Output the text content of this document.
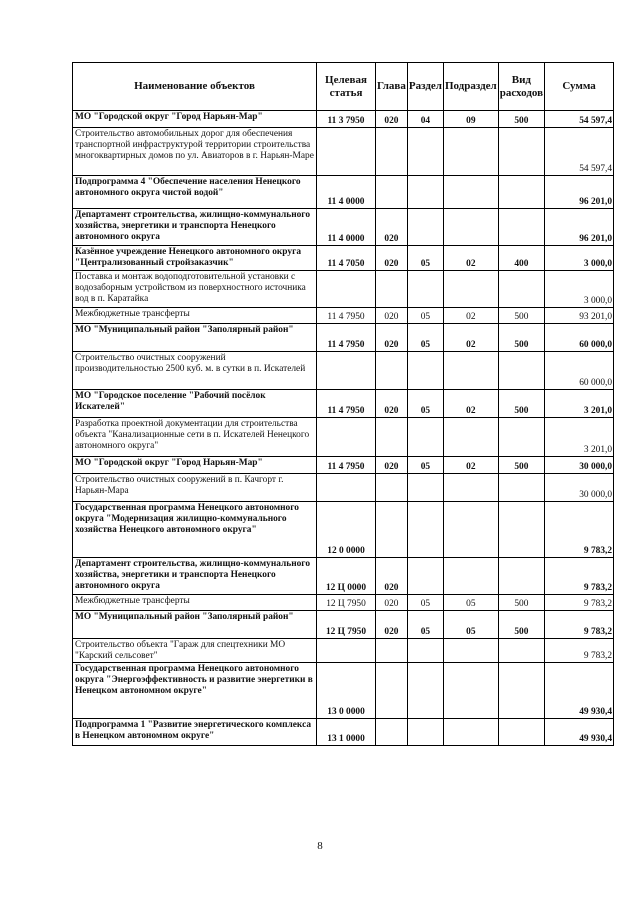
Наименование объектов	Целевая статья	Глава	Раздел	Подраздел	Вид расходов	Сумма
МО "Городской округ "Город Нарьян-Мар"	11 3 7950	020	04	09	500	54 597,4
Строительство автомобильных дорог для обеспечения транспортной инфраструктурой территории строительства многоквартирных домов по ул. Авиаторов в г. Нарьян-Маре						54 597,4
Подпрограмма 4 "Обеспечение населения Ненецкого автономного округа чистой водой"	11 4 0000					96 201,0
Департамент строительства, жилищно-коммунального хозяйства, энергетики и транспорта Ненецкого автономного округа	11 4 0000	020				96 201,0
Казённое учреждение Ненецкого автономного округа "Централизованный стройзаказчик"	11 4 7050	020	05	02	400	3 000,0
Поставка и монтаж водоподготовительной установки с водозаборным устройством из поверхностного источника вод в п. Каратайка						3 000,0
Межбюджетные трансферты	11 4 7950	020	05	02	500	93 201,0
МО "Муниципальный район "Заполярный район"	11 4 7950	020	05	02	500	60 000,0
Строительство очистных сооружений производительностью 2500 куб. м. в сутки в п. Искателей						60 000,0
МО "Городское поселение "Рабочий посёлок Искателей"	11 4 7950	020	05	02	500	3 201,0
Разработка проектной документации для строительства объекта "Канализационные сети в п. Искателей Ненецкого автономного округа"						3 201,0
МО "Городской округ "Город Нарьян-Мар"	11 4 7950	020	05	02	500	30 000,0
Строительство очистных сооружений в п. Качгорт г. Нарьян-Мара						30 000,0
Государственная программа Ненецкого автономного округа "Модернизация жилищно-коммунального хозяйства Ненецкого автономного округа"	12 0 0000					9 783,2
Департамент строительства, жилищно-коммунального хозяйства, энергетики и транспорта Ненецкого автономного округа	12 Ц 0000	020				9 783,2
Межбюджетные трансферты	12 Ц 7950	020	05	05	500	9 783,2
МО "Муниципальный район "Заполярный район"	12 Ц 7950	020	05	05	500	9 783,2
Строительство объекта "Гараж для спецтехники МО "Карский сельсовет"						9 783,2
Государственная программа Ненецкого автономного округа "Энергоэффективность и развитие энергетики в Ненецком автономном округе"	13 0 0000					49 930,4
Подпрограмма 1 "Развитие энергетического комплекса в Ненецком автономном округе"	13 1 0000					49 930,4
8
